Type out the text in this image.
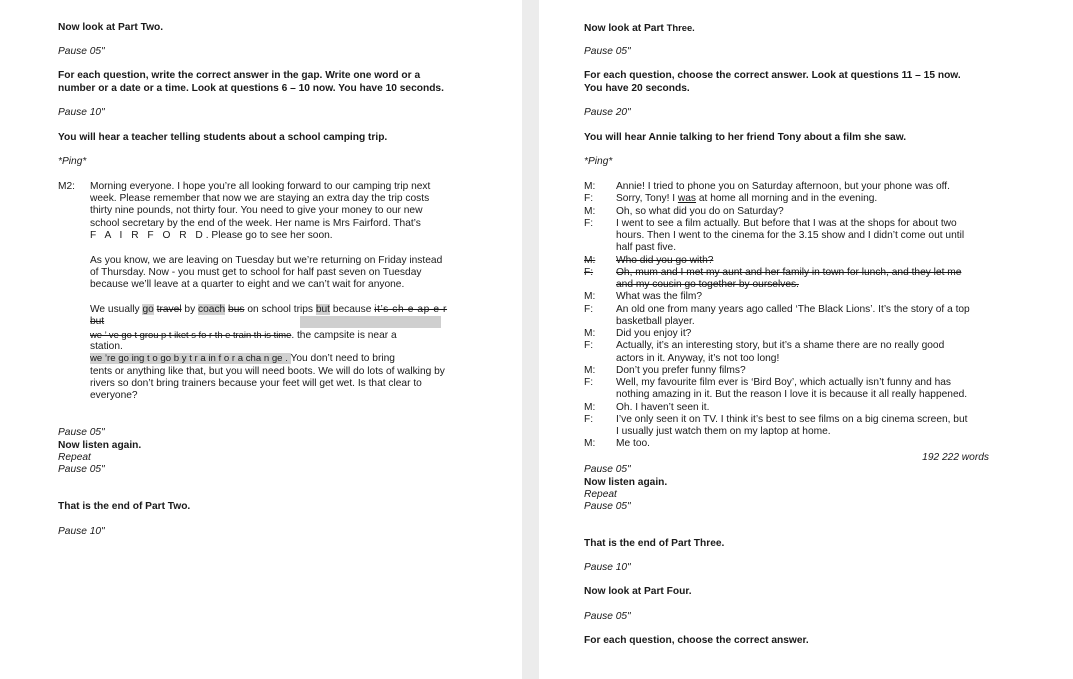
Now look at Part Two.
Pause 05"
For each question, write the correct answer in the gap. Write one word or a
number or a date or a time. Look at questions 6 – 10 now. You have 10 seconds.
Pause 10"
You will hear a teacher telling students about a school camping trip.
*Ping*
M2: Morning everyone. I hope you’re all looking forward to our camping trip next
week. Please remember that now we are staying an extra day the trip costs
thirty nine pounds, not thirty four. You need to give your money to our new
school secretary by the end of the week. Her name is Mrs Fairford. That’s
F A I R F O R D. Please go to see her soon.
As you know, we are leaving on Tuesday but we’re returning on Friday instead
of Thursday. Now - you must get to school for half past seven on Tuesday
because we’ll leave at a quarter to eight and we can’t wait for anyone.
We usually go travel by coach bus on school trips but because it’s ch e ap e r
but
we ’ ve go t grou p t iket s fo r th e train th is time. the campsite is near a
station.
we ’re go ing t o go b y t r a in f o r a cha n ge . You don’t need to bring
tents or anything like that, but you will need boots. We will do lots of walking by
rivers so don’t bring trainers because your feet will get wet. Is that clear to
everyone?
Pause 05"
Now listen again.
Repeat
Pause 05"
That is the end of Part Two.
Pause 10"
Now look at Part Three.
Pause 05"
For each question, choose the correct answer. Look at questions 11 – 15 now.
You have 20 seconds.
Pause 20"
You will hear Annie talking to her friend Tony about a film she saw.
*Ping*
M: Annie! I tried to phone you on Saturday afternoon, but your phone was off.
F: Sorry, Tony! I was at home all morning and in the evening.
M: Oh, so what did you do on Saturday?
F: I went to see a film actually. But before that I was at the shops for about two
hours. Then I went to the cinema for the 3.15 show and I didn’t come out until
half past five.
M: Who did you go with?
F: Oh, mum and I met my aunt and her family in town for lunch, and they let me
and my cousin go together by ourselves.
M: What was the film?
F: An old one from many years ago called ‘The Black Lions’. It’s the story of a top
basketball player.
M: Did you enjoy it?
F: Actually, it’s an interesting story, but it’s a shame there are no really good
actors in it. Anyway, it’s not too long!
M: Don’t you prefer funny films?
F: Well, my favourite film ever is ‘Bird Boy’, which actually isn’t funny and has
nothing amazing in it. But the reason I love it is because it all really happened.
M: Oh. I haven’t seen it.
F: I’ve only seen it on TV. I think it’s best to see films on a big cinema screen, but
I usually just watch them on my laptop at home.
M: Me too.
192 222 words
Pause 05"
Now listen again.
Repeat
Pause 05"
That is the end of Part Three.
Pause 10"
Now look at Part Four.
Pause 05"
For each question, choose the correct answer.
